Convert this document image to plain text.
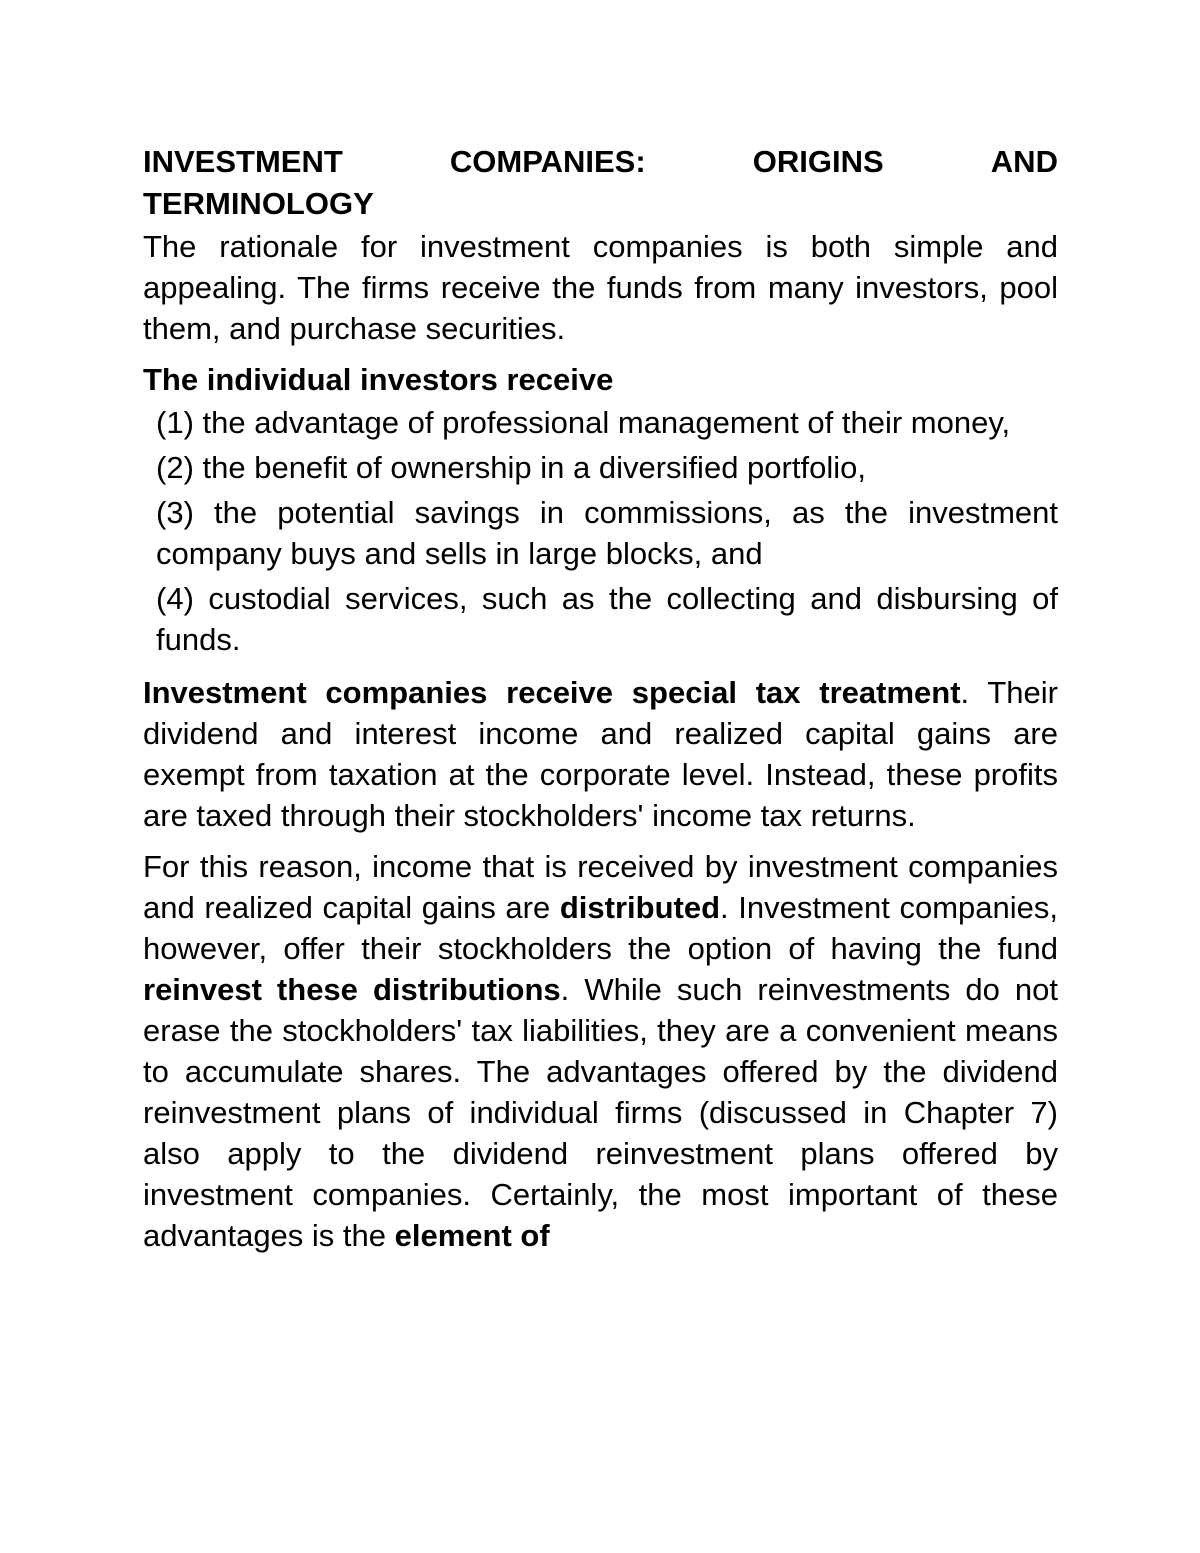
INVESTMENT	COMPANIES:	ORIGINS	AND
TERMINOLOGY

The rationale for investment companies is both simple and appealing. The firms receive the funds from many investors, pool them, and purchase securities.

The individual investors receive

(1) the advantage of professional management of their money,

(2) the benefit of ownership in a diversified portfolio,

(3) the potential savings in commissions, as the investment company buys and sells in large blocks, and

(4) custodial services, such as the collecting and disbursing of funds.

Investment companies receive special tax treatment. Their dividend and interest income and realized capital gains are exempt from taxation at the corporate level. Instead, these profits are taxed through their stockholders' income tax returns.

For this reason, income that is received by investment companies and realized capital gains are distributed. Investment companies, however, offer their stockholders the option of having the fund reinvest these distributions. While such reinvestments do not erase the stockholders' tax liabilities, they are a convenient means to accumulate shares. The advantages offered by the dividend reinvestment plans of individual firms (discussed in Chapter 7) also apply to the dividend reinvestment plans offered by investment companies. Certainly, the most important of these advantages is the element of
